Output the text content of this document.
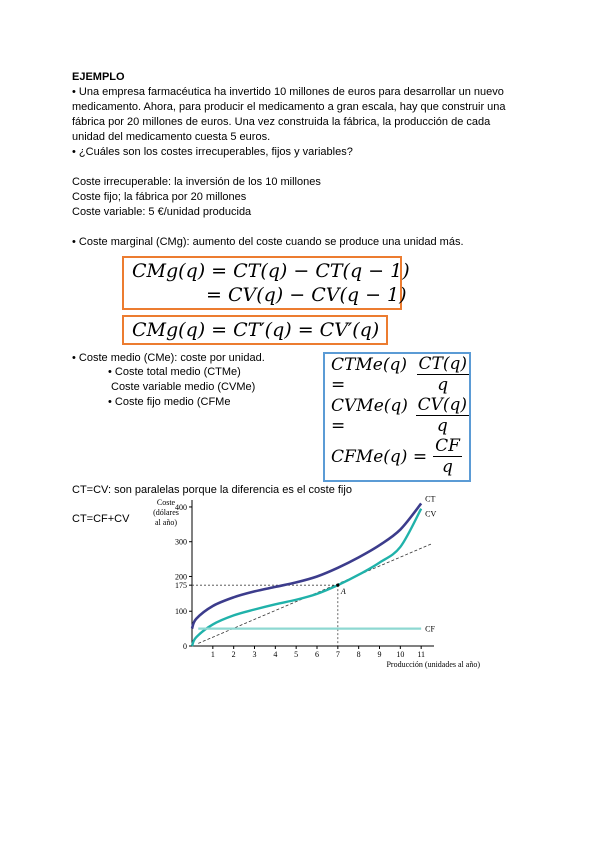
EJEMPLO
• Una empresa farmacéutica ha invertido 10 millones de euros para desarrollar un nuevo medicamento. Ahora, para producir el medicamento a gran escala, hay que construir una fábrica por 20 millones de euros. Una vez construida la fábrica, la producción de cada unidad del medicamento cuesta 5 euros.
• ¿Cuáles son los costes irrecuperables, fijos y variables?
Coste irrecuperable: la inversión de los 10 millones
Coste fijo; la fábrica por 20 millones
Coste variable: 5 €/unidad producida
• Coste marginal (CMg): aumento del coste cuando se produce una unidad más.
CMg(q) = CT(q) − CT(q − 1)
= CV(q) − CV(q − 1)
CMg(q) = CT′(q) = CV′(q)
• Coste medio (CMe): coste por unidad.
• Coste total medio (CTMe)
Coste variable medio (CVMe)
• Coste fijo medio (CFMe
CTMe(q) =	$\frac{CT(q)}{q}$
CVMe(q) =	$\frac{CV(q)}{q}$
CFMe(q) = $\frac{CF}{q}$
CT=CV: son paralelas porque la diferencia es el coste fijo
CT=CF+CV
Coste
(dólares
al año)
0
100
175
200
300
400
1 2 3 4 5 6 7 8 9 10 11
Producción (unidades al año)
CT
CV
CF
A
